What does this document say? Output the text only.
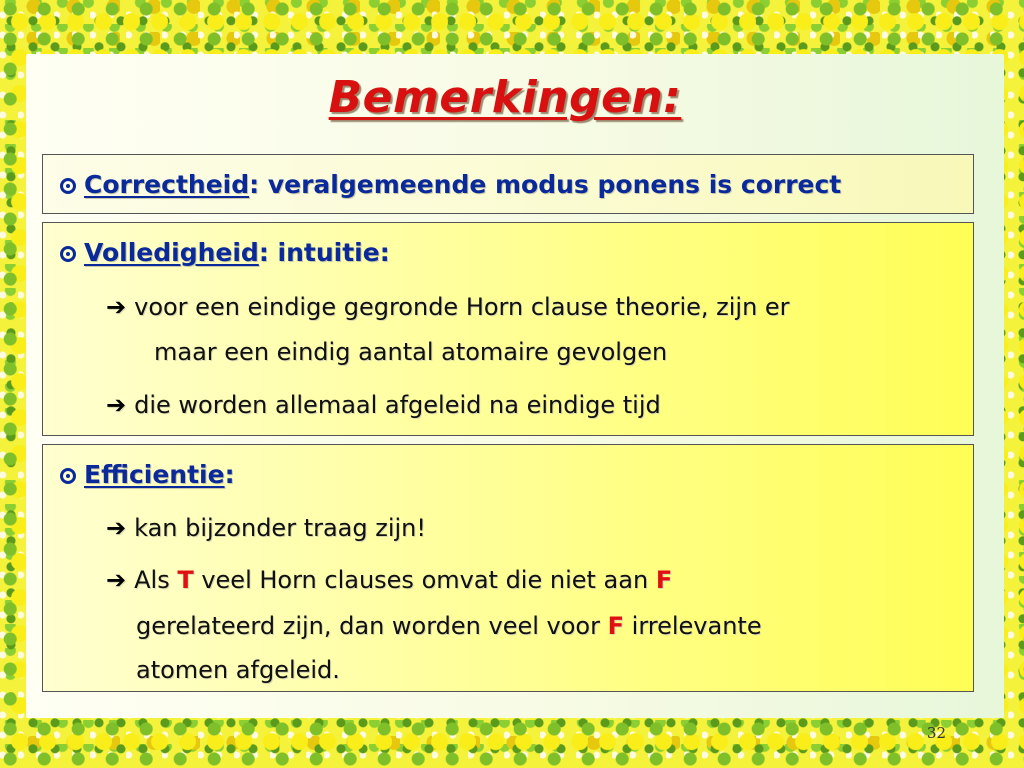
Bemerkingen:
Correctheid: veralgemeende modus ponens is correct
Volledigheid: intuitie:
➔ voor een eindige gegronde Horn clause theorie, zijn er
maar een eindig aantal atomaire gevolgen
➔ die worden allemaal afgeleid na eindige tijd
Efficientie:
➔ kan bijzonder traag zijn!
➔ Als T veel Horn clauses omvat die niet aan F
gerelateerd zijn, dan worden veel voor F irrelevante
atomen afgeleid.
32
